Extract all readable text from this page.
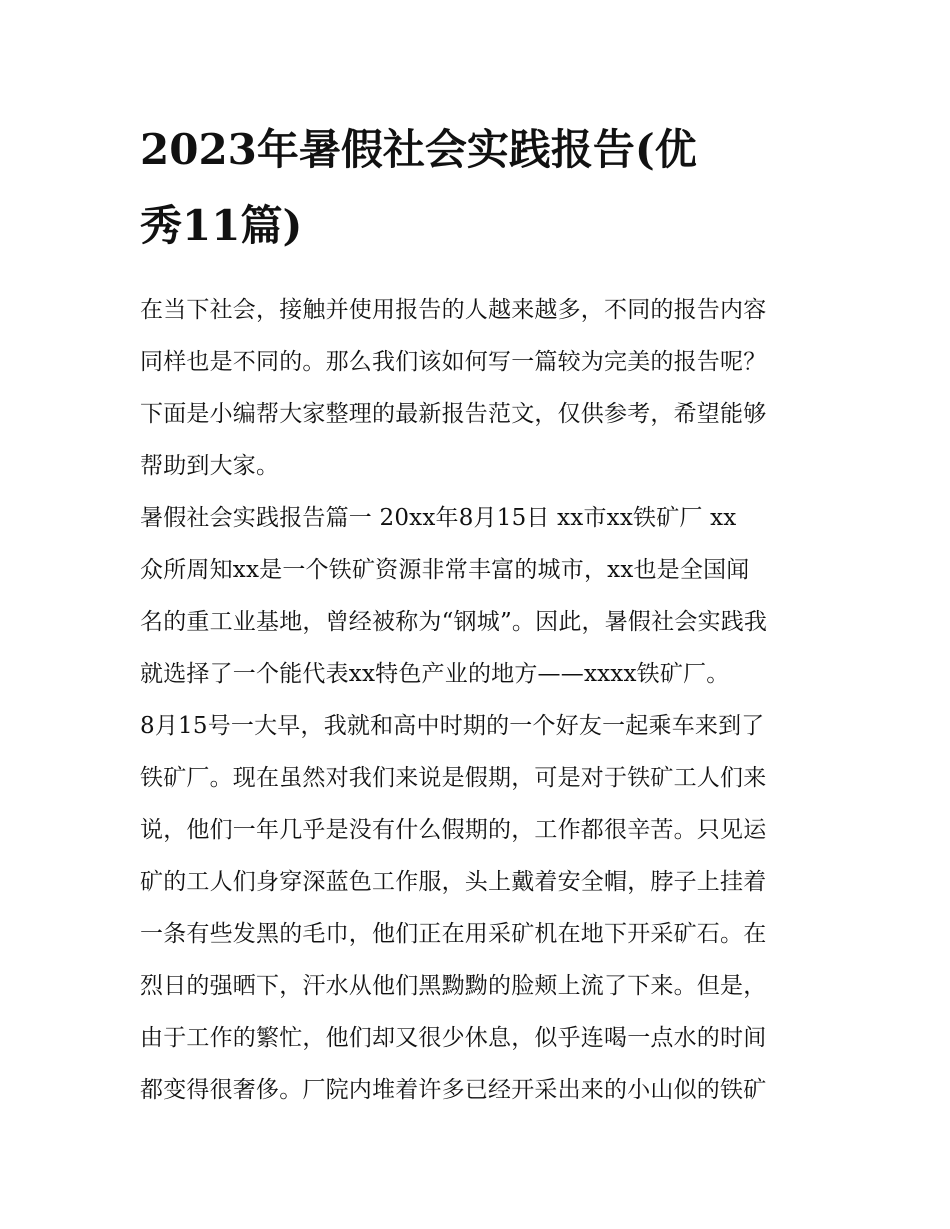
2023年暑假社会实践报告(优
秀11篇)

在当下社会，接触并使用报告的人越来越多，不同的报告内容
同样也是不同的。那么我们该如何写一篇较为完美的报告呢？
下面是小编帮大家整理的最新报告范文，仅供参考，希望能够
帮助到大家。

暑假社会实践报告篇一 20xx年8月15日 xx市xx铁矿厂 xx

众所周知xx是一个铁矿资源非常丰富的城市，xx也是全国闻
名的重工业基地，曾经被称为“钢城”。因此，暑假社会实践我
就选择了一个能代表xx特色产业的地方——xxxx铁矿厂。

8月15号一大早，我就和高中时期的一个好友一起乘车来到了
铁矿厂。现在虽然对我们来说是假期，可是对于铁矿工人们来
说，他们一年几乎是没有什么假期的，工作都很辛苦。只见运
矿的工人们身穿深蓝色工作服，头上戴着安全帽，脖子上挂着
一条有些发黑的毛巾，他们正在用采矿机在地下开采矿石。在
烈日的强晒下，汗水从他们黑黝黝的脸颊上流了下来。但是，
由于工作的繁忙，他们却又很少休息，似乎连喝一点水的时间
都变得很奢侈。厂院内堆着许多已经开采出来的小山似的铁矿
